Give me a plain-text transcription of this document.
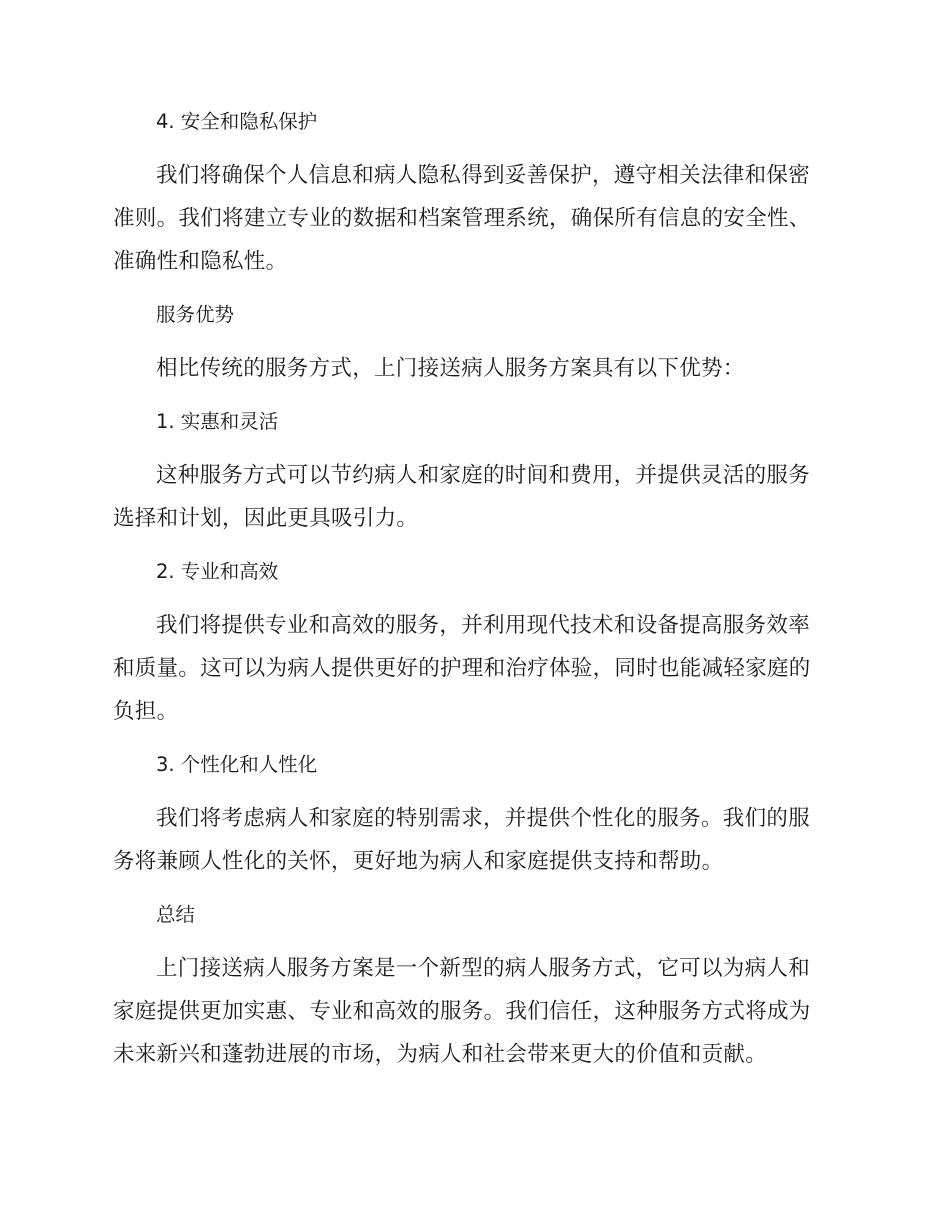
4. 安全和隐私保护

我们将确保个人信息和病人隐私得到妥善保护，遵守相关法律和保密准则。我们将建立专业的数据和档案管理系统，确保所有信息的安全性、准确性和隐私性。

服务优势

相比传统的服务方式，上门接送病人服务方案具有以下优势：

1. 实惠和灵活

这种服务方式可以节约病人和家庭的时间和费用，并提供灵活的服务选择和计划，因此更具吸引力。

2. 专业和高效

我们将提供专业和高效的服务，并利用现代技术和设备提高服务效率和质量。这可以为病人提供更好的护理和治疗体验，同时也能减轻家庭的负担。

3. 个性化和人性化

我们将考虑病人和家庭的特别需求，并提供个性化的服务。我们的服务将兼顾人性化的关怀，更好地为病人和家庭提供支持和帮助。

总结

上门接送病人服务方案是一个新型的病人服务方式，它可以为病人和家庭提供更加实惠、专业和高效的服务。我们信任，这种服务方式将成为未来新兴和蓬勃进展的市场，为病人和社会带来更大的价值和贡献。
